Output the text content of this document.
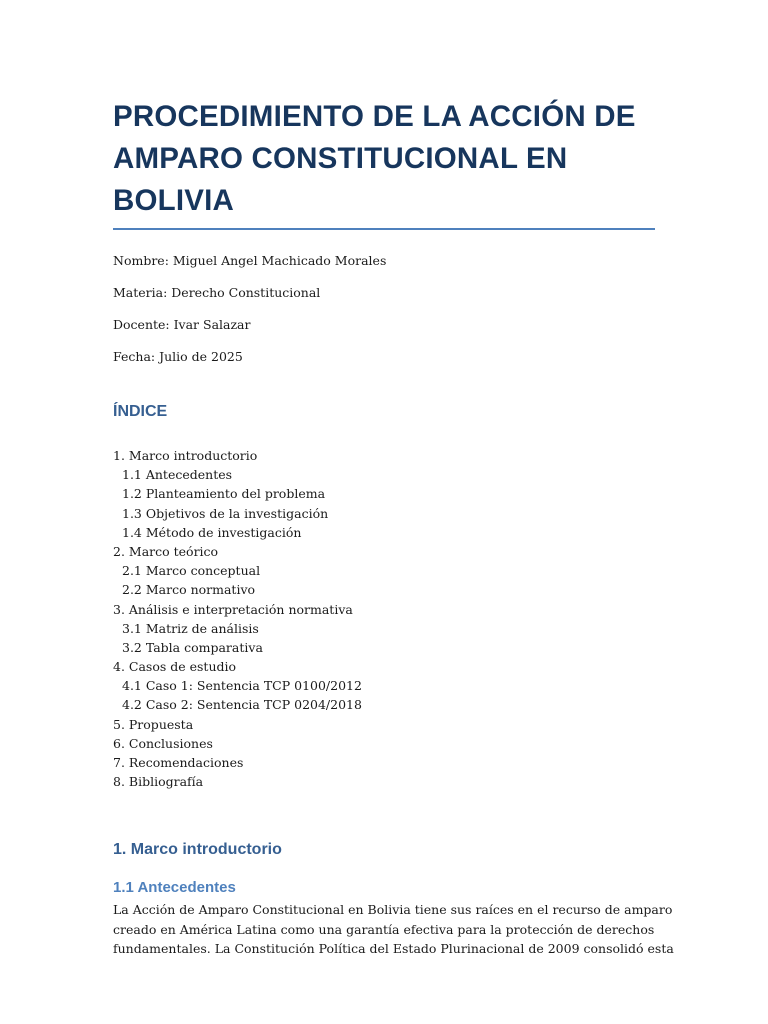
PROCEDIMIENTO DE LA ACCIÓN DE
AMPARO CONSTITUCIONAL EN BOLIVIA
Nombre: Miguel Angel Machicado Morales
Materia: Derecho Constitucional
Docente: Ivar Salazar
Fecha: Julio de 2025
ÍNDICE
1. Marco introductorio
1.1 Antecedentes
1.2 Planteamiento del problema
1.3 Objetivos de la investigación
1.4 Método de investigación
2. Marco teórico
2.1 Marco conceptual
2.2 Marco normativo
3. Análisis e interpretación normativa
3.1 Matriz de análisis
3.2 Tabla comparativa
4. Casos de estudio
4.1 Caso 1: Sentencia TCP 0100/2012
4.2 Caso 2: Sentencia TCP 0204/2018
5. Propuesta
6. Conclusiones
7. Recomendaciones
8. Bibliografía
1. Marco introductorio
1.1 Antecedentes
La Acción de Amparo Constitucional en Bolivia tiene sus raíces en el recurso de amparo
creado en América Latina como una garantía efectiva para la protección de derechos
fundamentales. La Constitución Política del Estado Plurinacional de 2009 consolidó esta
